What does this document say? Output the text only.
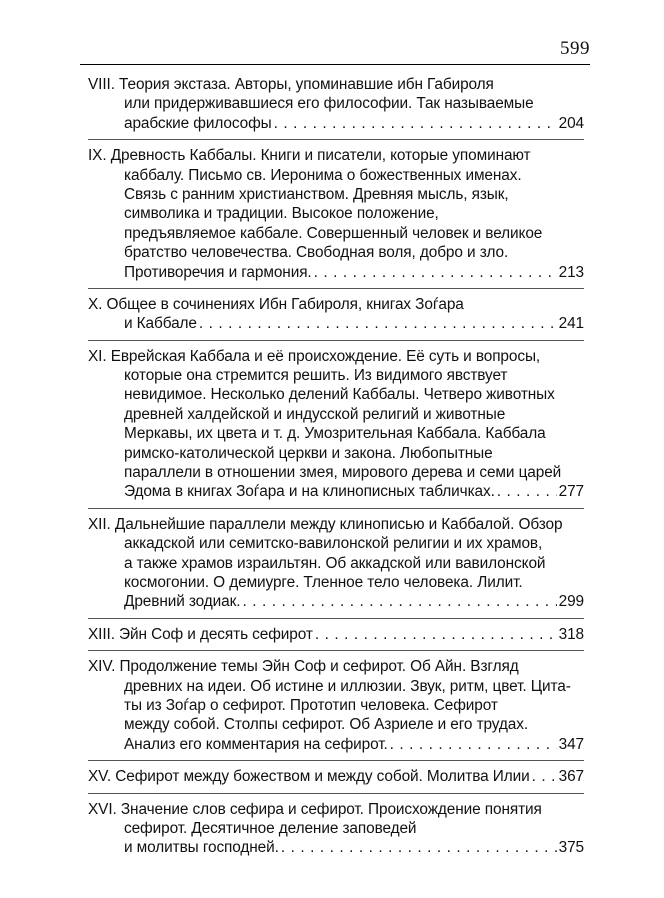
599
VIII. Теория экстаза. Авторы, упоминавшие ибн Габироля
или придерживавшиеся его философии. Так называемые
арабские философы . . .	204
IX. Древность Каббалы. Книги и писатели, которые упоминают
каббалу. Письмо св. Иеронима о божественных именах.
Связь с ранним христианством. Древняя мысль, язык,
символика и традиции. Высокое положение,
предъявляемое каббале. Совершенный человек и великое
братство человечества. Свободная воля, добро и зло.
Противоречия и гармония. . . .	213
X. Общее в сочинениях Ибн Габироля, книгах Зоѓара
и Каббале . . .	241
XI. Еврейская Каббала и её происхождение. Её суть и вопросы,
которые она стремится решить. Из видимого явствует
невидимое. Несколько делений Каббалы. Четверо животных
древней халдейской и индусской религий и животные
Меркавы, их цвета и т. д. Умозрительная Каббала. Каббала
римско-католической церкви и закона. Любопытные
параллели в отношении змея, мирового дерева и семи царей
Эдома в книгах Зоѓара и на клинописных табличках. . . .	277
XII. Дальнейшие параллели между клинописью и Каббалой. Обзор
аккадской или семитско-вавилонской религии и их храмов,
а также храмов израильтян. Об аккадской или вавилонской
космогонии. О демиурге. Тленное тело человека. Лилит.
Древний зодиак. . . .	299
XIII. Эйн Соф и десять сефирот . . .	318
XIV. Продолжение темы Эйн Соф и сефирот. Об Айн. Взгляд
древних на идеи. Об истине и иллюзии. Звук, ритм, цвет. Цита-
ты из Зоѓар о сефирот. Прототип человека. Сефирот
между собой. Столпы сефирот. Об Азриеле и его трудах.
Анализ его комментария на сефирот. . . .	347
XV. Сефирот между божеством и между собой. Молитва Илии . . . 367
XVI. Значение слов сефира и сефирот. Происхождение понятия
сефирот. Десятичное деление заповедей
и молитвы господней. . . .	375
